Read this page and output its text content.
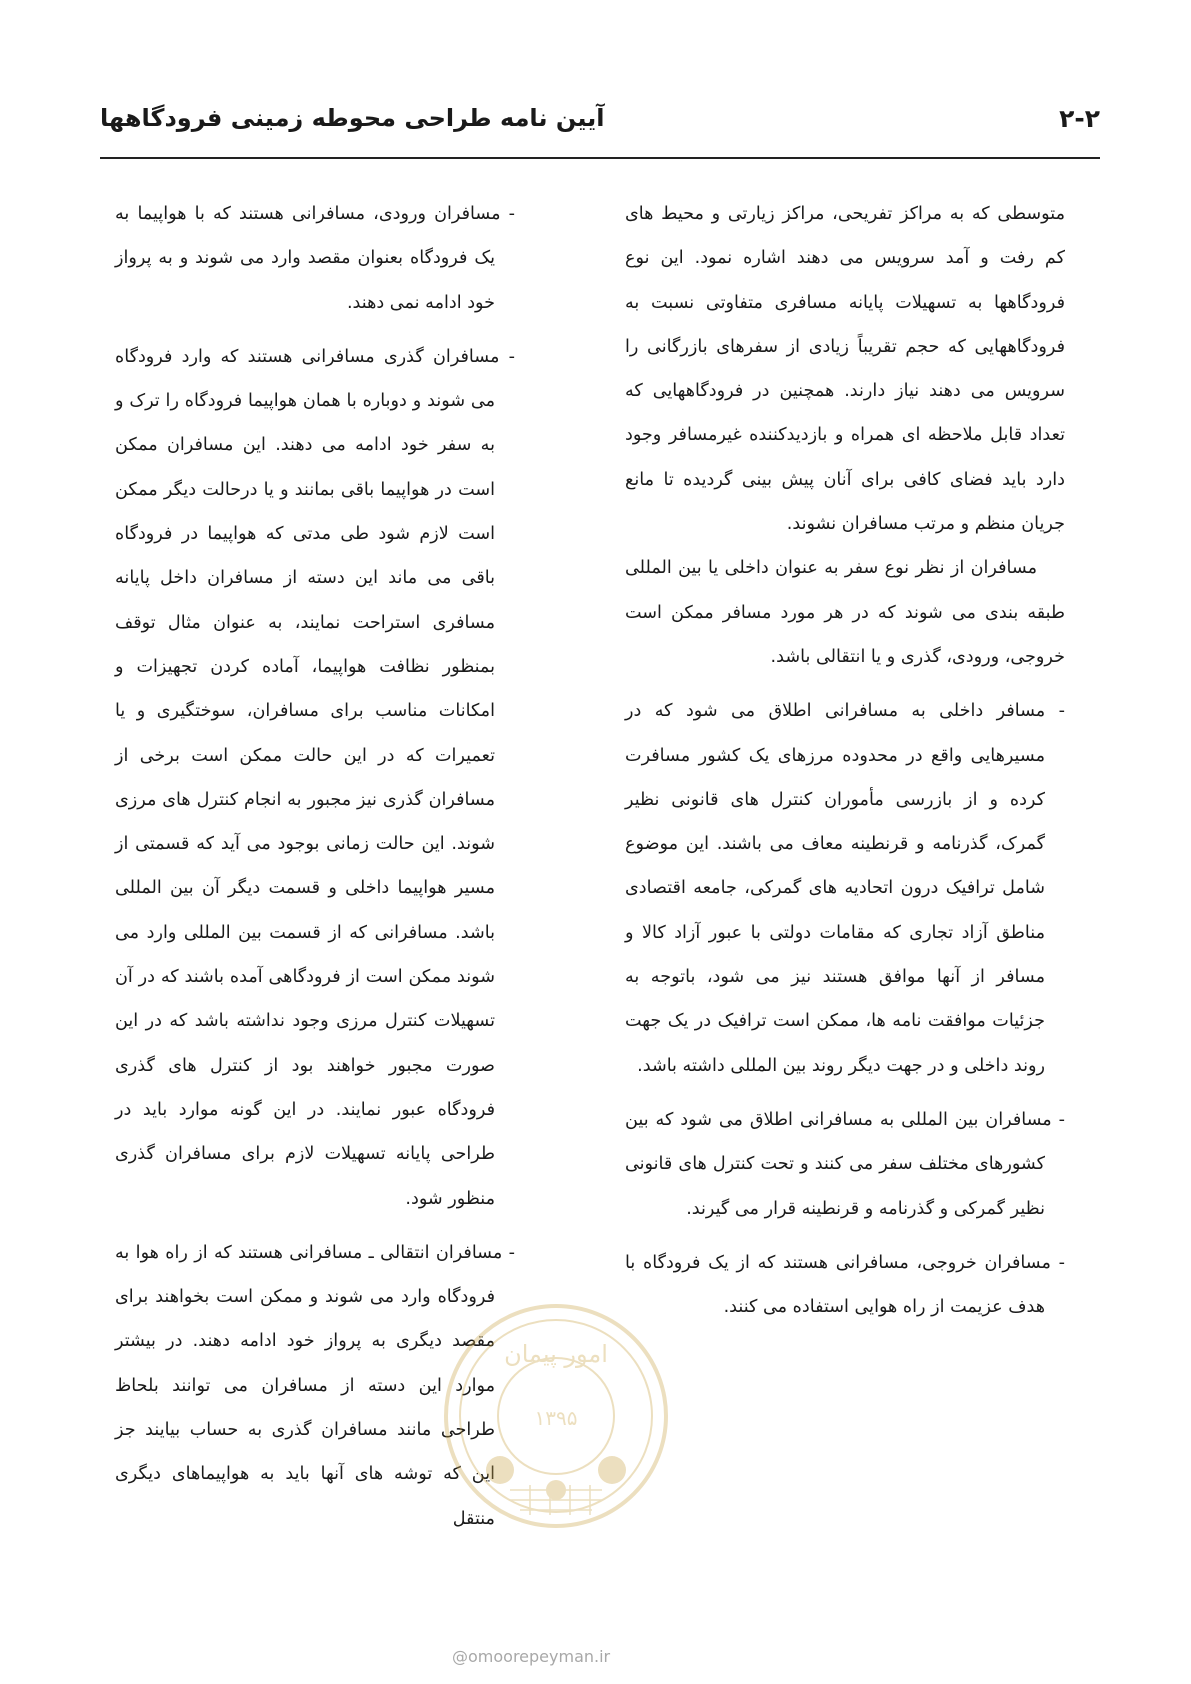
۲-۲
آیین نامه طراحی محوطه زمینی فرودگاهها

متوسطی که به مراکز تفریحی، مراکز زیارتی و محیط های کم رفت و آمد سرویس می دهند اشاره نمود. این نوع فرودگاهها به تسهیلات پایانه مسافری متفاوتی نسبت به فرودگاههایی که حجم تقریباً زیادی از سفرهای بازرگانی را سرویس می دهند نیاز دارند. همچنین در فرودگاههایی که تعداد قابل ملاحظه ای همراه و بازدیدکننده غیرمسافر وجود دارد باید فضای کافی برای آنان پیش بینی گردیده تا مانع جریان منظم و مرتب مسافران نشوند.

مسافران از نظر نوع سفر به عنوان داخلی یا بین المللی طبقه بندی می شوند که در هر مورد مسافر ممکن است خروجی، ورودی، گذری و یا انتقالی باشد.

- مسافر داخلی به مسافرانی اطلاق می شود که در مسیرهایی واقع در محدوده مرزهای یک کشور مسافرت کرده و از بازرسی مأموران کنترل های قانونی نظیر گمرک، گذرنامه و قرنطینه معاف می باشند. این موضوع شامل ترافیک درون اتحادیه های گمرکی، جامعه اقتصادی مناطق آزاد تجاری که مقامات دولتی با عبور آزاد کالا و مسافر از آنها موافق هستند نیز می شود، باتوجه به جزئیات موافقت نامه ها، ممکن است ترافیک در یک جهت روند داخلی و در جهت دیگر روند بین المللی داشته باشد.

- مسافران بین المللی به مسافرانی اطلاق می شود که بین کشورهای مختلف سفر می کنند و تحت کنترل های قانونی نظیر گمرکی و گذرنامه و قرنطینه قرار می گیرند.

- مسافران خروجی، مسافرانی هستند که از یک فرودگاه با هدف عزیمت از راه هوایی استفاده می کنند.

- مسافران ورودی، مسافرانی هستند که با هواپیما به یک فرودگاه بعنوان مقصد وارد می شوند و به پرواز خود ادامه نمی دهند.

- مسافران گذری مسافرانی هستند که وارد فرودگاه می شوند و دوباره با همان هواپیما فرودگاه را ترک و به سفر خود ادامه می دهند. این مسافران ممکن است در هواپیما باقی بمانند و یا درحالت دیگر ممکن است لازم شود طی مدتی که هواپیما در فرودگاه باقی می ماند این دسته از مسافران داخل پایانه مسافری استراحت نمایند، به عنوان مثال توقف بمنظور نظافت هواپیما، آماده کردن تجهیزات و امکانات مناسب برای مسافران، سوختگیری و یا تعمیرات که در این حالت ممکن است برخی از مسافران گذری نیز مجبور به انجام کنترل های مرزی شوند. این حالت زمانی بوجود می آید که قسمتی از مسیر هواپیما داخلی و قسمت دیگر آن بین المللی باشد. مسافرانی که از قسمت بین المللی وارد می شوند ممکن است از فرودگاهی آمده باشند که در آن تسهیلات کنترل مرزی وجود نداشته باشد که در این صورت مجبور خواهند بود از کنترل های گذری فرودگاه عبور نمایند. در این گونه موارد باید در طراحی پایانه تسهیلات لازم برای مسافران گذری منظور شود.

- مسافران انتقالی ـ مسافرانی هستند که از راه هوا به فرودگاه وارد می شوند و ممکن است بخواهند برای مقصد دیگری به پرواز خود ادامه دهند. در بیشتر موارد این دسته از مسافران می توانند بلحاظ طراحی مانند مسافران گذری به حساب بیایند جز این که توشه های آنها باید به هواپیماهای دیگری منتقل

امور پیمان
۱۳۹۵
@omoorepeyman.ir
